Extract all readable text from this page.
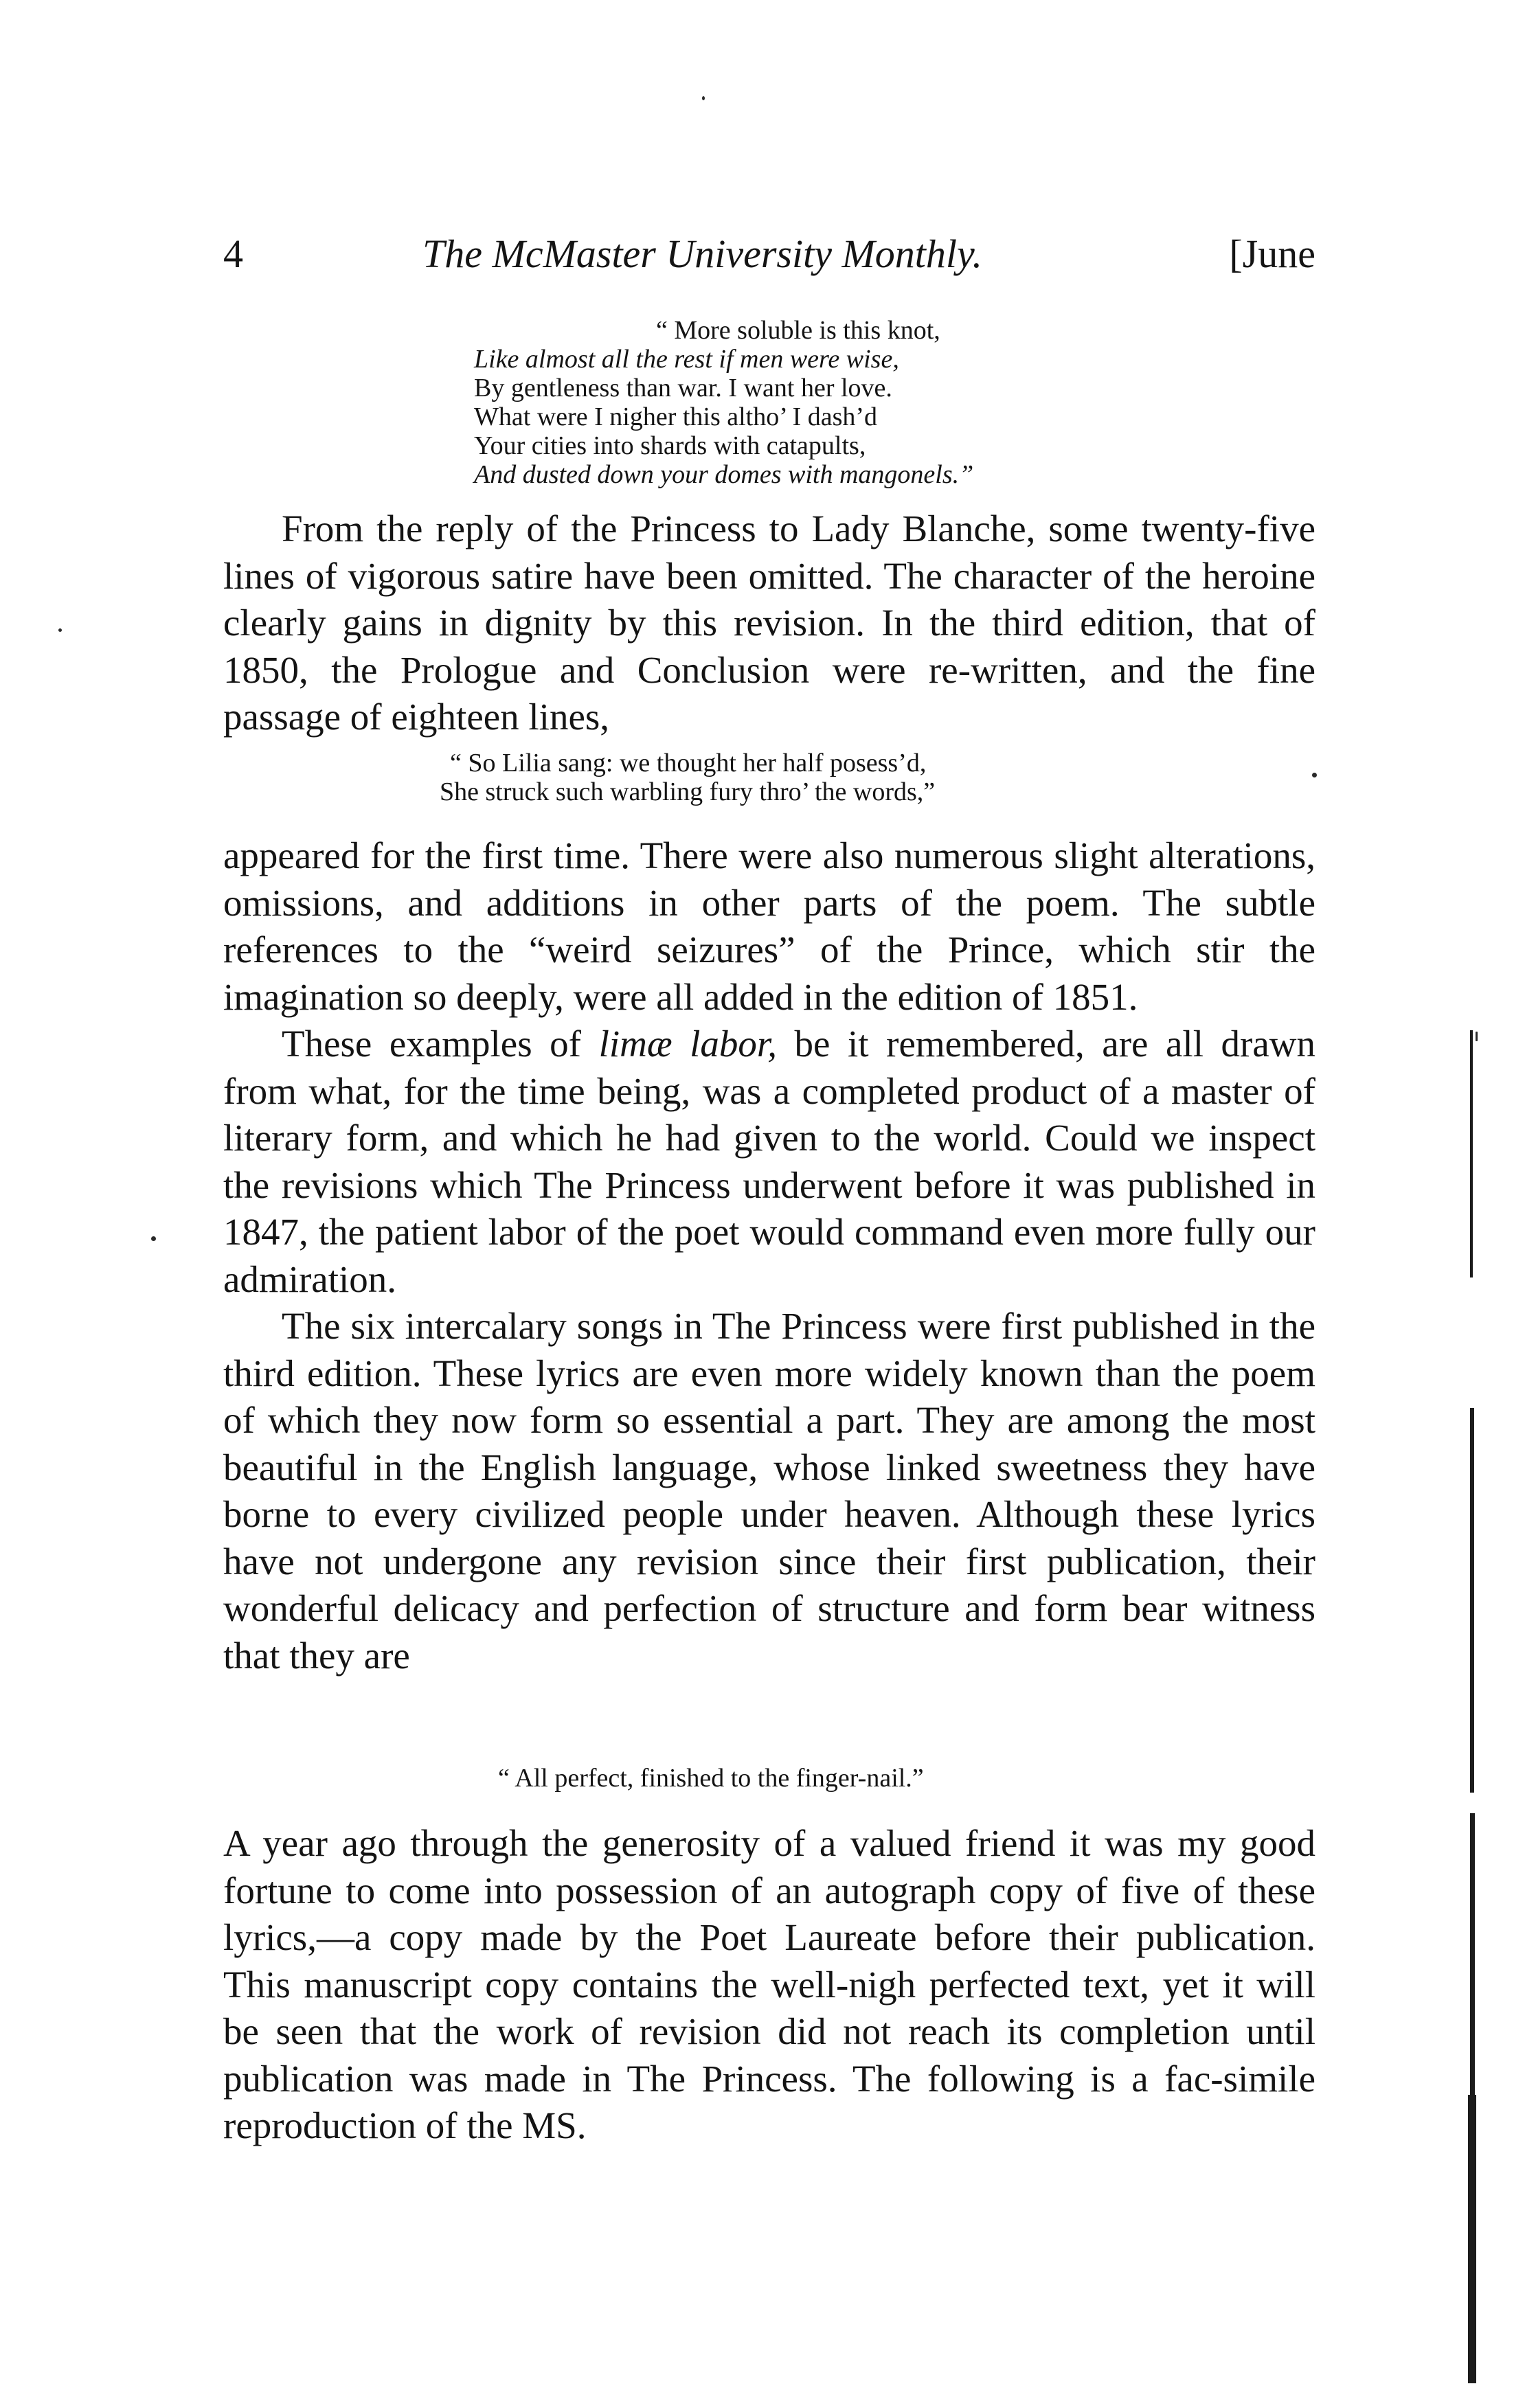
4	The McMaster University Monthly.	[June
“ More soluble is this knot,
Like almost all the rest if men were wise,
By gentleness than war. I want her love.
What were I nigher this altho’ I dash’d
Your cities into shards with catapults,
And dusted down your domes with mangonels.”

From the reply of the Princess to Lady Blanche, some twenty-five lines of vigorous satire have been omitted. The character of the heroine clearly gains in dignity by this revision. In the third edition, that of 1850, the Prologue and Conclusion were re-written, and the fine passage of eighteen lines,

“ So Lilia sang: we thought her half posess’d,
She struck such warbling fury thro’ the words,”

appeared for the first time. There were also numerous slight alterations, omissions, and additions in other parts of the poem. The subtle references to the “weird seizures” of the Prince, which stir the imagination so deeply, were all added in the edition of 1851.

These examples of limæ labor, be it remembered, are all drawn from what, for the time being, was a completed product of a master of literary form, and which he had given to the world. Could we inspect the revisions which The Princess underwent before it was published in 1847, the patient labor of the poet would command even more fully our admiration.

The six intercalary songs in The Princess were first published in the third edition. These lyrics are even more widely known than the poem of which they now form so essential a part. They are among the most beautiful in the English language, whose linked sweetness they have borne to every civilized people under heaven. Although these lyrics have not undergone any revision since their first publication, their wonderful delicacy and perfection of structure and form bear witness that they are

“ All perfect, finished to the finger-nail.”

A year ago through the generosity of a valued friend it was my good fortune to come into possession of an autograph copy of five of these lyrics,—a copy made by the Poet Laureate before their publication. This manuscript copy contains the well-nigh perfected text, yet it will be seen that the work of revision did not reach its completion until publication was made in The Princess. The following is a fac-simile reproduction of the MS.
